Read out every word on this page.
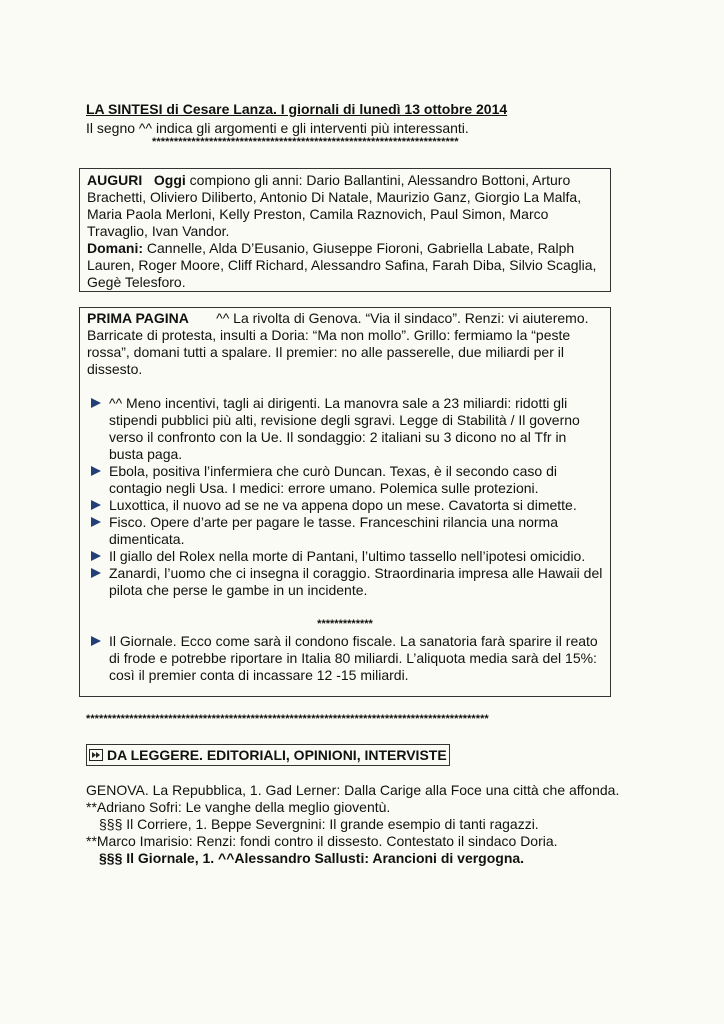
LA SINTESI di Cesare Lanza. I giornali di lunedì 13 ottobre 2014
Il segno ^^ indica gli argomenti e gli interventi più interessanti.
**********************************************************************

AUGURI Oggi compiono gli anni: Dario Ballantini, Alessandro Bottoni, Arturo Brachetti, Oliviero Diliberto, Antonio Di Natale, Maurizio Ganz, Giorgio La Malfa, Maria Paola Merloni, Kelly Preston, Camila Raznovich, Paul Simon, Marco Travaglio, Ivan Vandor.

Domani: Cannelle, Alda D’Eusanio, Giuseppe Fioroni, Gabriella Labate, Ralph Lauren, Roger Moore, Cliff Richard, Alessandro Safina, Farah Diba, Silvio Scaglia, Gegè Telesforo.

PRIMA PAGINA ^^ La rivolta di Genova. “Via il sindaco”. Renzi: vi aiuteremo. Barricate di protesta, insulti a Doria: “Ma non mollo”. Grillo: fermiamo la “peste rossa”, domani tutti a spalare. Il premier: no alle passerelle, due miliardi per il dissesto.

^^ Meno incentivi, tagli ai dirigenti. La manovra sale a 23 miliardi: ridotti gli stipendi pubblici più alti, revisione degli sgravi. Legge di Stabilità / Il governo verso il confronto con la Ue. Il sondaggio: 2 italiani su 3 dicono no al Tfr in busta paga.
Ebola, positiva l’infermiera che curò Duncan. Texas, è il secondo caso di contagio negli Usa. I medici: errore umano. Polemica sulle protezioni.
Luxottica, il nuovo ad se ne va appena dopo un mese. Cavatorta si dimette.
Fisco. Opere d’arte per pagare le tasse. Franceschini rilancia una norma dimenticata.
Il giallo del Rolex nella morte di Pantani, l’ultimo tassello nell’ipotesi omicidio.
Zanardi, l’uomo che ci insegna il coraggio. Straordinaria impresa alle Hawaii del pilota che perse le gambe in un incidente.
*************
Il Giornale. Ecco come sarà il condono fiscale. La sanatoria farà sparire il reato di frode e potrebbe riportare in Italia 80 miliardi. L’aliquota media sarà del 15%: così il premier conta di incassare 12 -15 miliardi.
*********************************************************************************************
DA LEGGERE. EDITORIALI, OPINIONI, INTERVISTE

GENOVA. La Repubblica, 1. Gad Lerner: Dalla Carige alla Foce una città che affonda. **Adriano Sofri: Le vanghe della meglio gioventù.

§§§ Il Corriere, 1. Beppe Severgnini: Il grande esempio di tanti ragazzi.

**Marco Imarisio: Renzi: fondi contro il dissesto. Contestato il sindaco Doria.

§§§ Il Giornale, 1. ^^Alessandro Sallusti: Arancioni di vergogna.
